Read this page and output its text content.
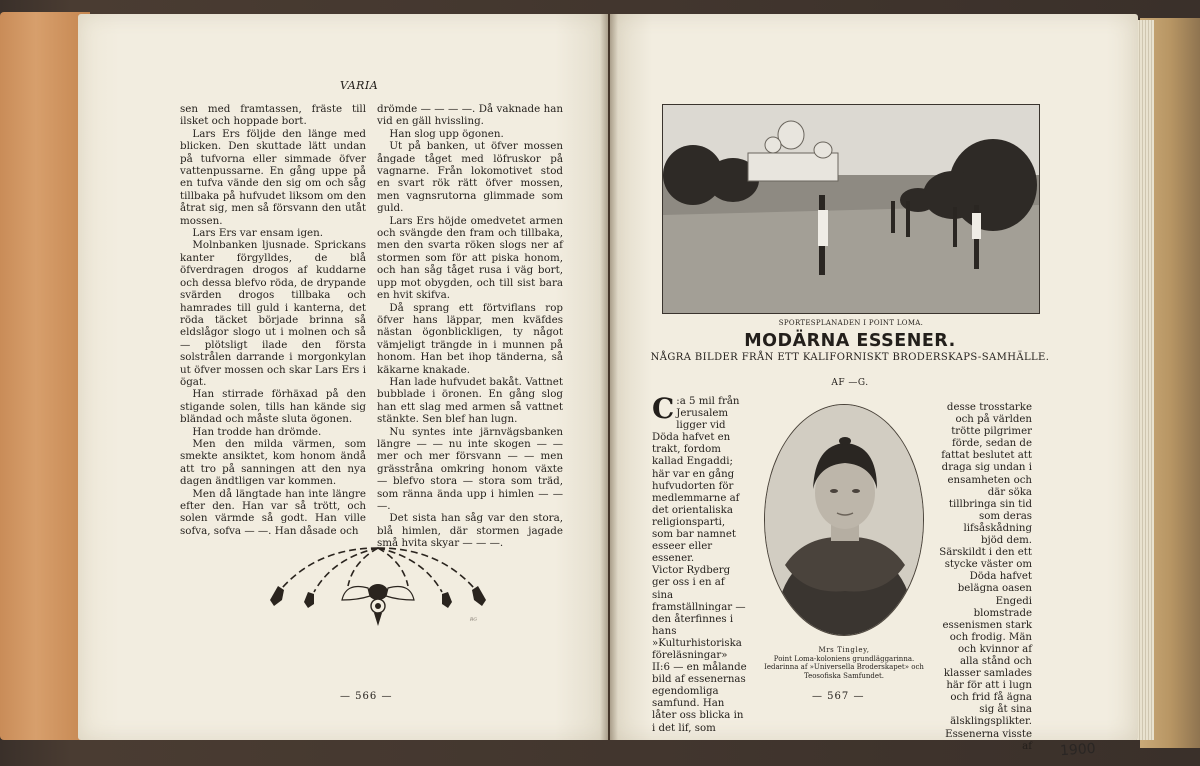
VARIA

sen med framtassen, fräste till ilsket och hoppade bort.

Lars Ers följde den länge med blicken. Den skuttade lätt undan på tufvorna eller simmade öfver vattenpussarne. En gång uppe på en tufva vände den sig om och såg tillbaka på hufvudet liksom om den åtrat sig, men så försvann den utåt mossen.

Lars Ers var ensam igen.

Molnbanken ljusnade. Sprickans kanter förgylldes, de blå öfverdragen drogos af kuddarne och dessa blefvo röda, de drypande svärden drogos tillbaka och hamrades till guld i kanterna, det röda täcket började brinna så eldslågor slogo ut i molnen och så — plötsligt ilade den första solstrålen darrande i morgonkylan ut öfver mossen och skar Lars Ers i ögat.

Han stirrade förhäxad på den stigande solen, tills han kände sig bländad och måste sluta ögonen.

Han trodde han drömde.

Men den milda värmen, som smekte ansiktet, kom honom ändå att tro på sanningen att den nya dagen ändtligen var kommen.

Men då längtade han inte längre efter den. Han var så trött, och solen värmde så godt. Han ville sofva, sofva — —. Han dåsade och

drömde — — — —. Då vaknade han vid en gäll hvissling.

Han slog upp ögonen.

Ut på banken, ut öfver mossen ångade tåget med löfruskor på vagnarne. Från lokomotivet stod en svart rök rätt öfver mossen, men vagnsrutorna glimmade som guld.

Lars Ers höjde omedvetet armen och svängde den fram och tillbaka, men den svarta röken slogs ner af stormen som för att piska honom, och han såg tåget rusa i väg bort, upp mot obygden, och till sist bara en hvit skifva.

Då sprang ett förtviflans rop öfver hans läppar, men kväfdes nästan ögonblickligen, ty något vämjeligt trängde in i munnen på honom. Han bet ihop tänderna, så käkarne knakade.

Han lade hufvudet bakåt. Vattnet bubblade i öronen. En gång slog han ett slag med armen så vattnet stänkte. Sen blef han lugn.

Nu syntes inte järnvägsbanken längre — — nu inte skogen — — mer och mer försvann — — men grässtråna omkring honom växte — blefvo stora — stora som träd, som ränna ända upp i himlen — — —.

Det sista han såg var den stora, blå himlen, där stormen jagade små hvita skyar — — —.

ᴿᴳ
— 566 —
SPORTESPLANADEN I POINT LOMA.
MODÄRNA ESSENER.
NÅGRA BILDER FRÅN ETT KALIFORNISKT BRODERSKAPS-SAMHÄLLE.
AF —G.

C :a 5 mil från Jerusalem ligger vid Döda hafvet en trakt, fordom kallad Engaddi; här var en gång hufvudorten för medlemmarne af det orientaliska religionsparti, som bar namnet esseer eller essener.

Victor Rydberg ger oss i en af sina framställningar — den återfinnes i hans »Kulturhistoriska föreläsningar» II:6 — en målande bild af essenernas egendomliga samfund. Han låter oss blicka in i det lif, som

Mrs Tingley,
Point Loma-koloniens grundläggarinna. Iedarinna af »Universella Broderskapet» och Teosofiska Samfundet.

desse trosstarke och på världen trötte pilgrimer förde, sedan de fattat beslutet att draga sig undan i ensamheten och där söka tillbringa sin tid som deras lifsåskådning bjöd dem. Särskildt i den ett stycke väster om Döda hafvet belägna oasen Engedi blomstrade essenismen stark och frodig. Män och kvinnor af alla stånd och klasser samlades här för att i lugn och frid få ägna sig åt sina älsklingsplikter.

Essenerna visste af

— 567 —
1900
